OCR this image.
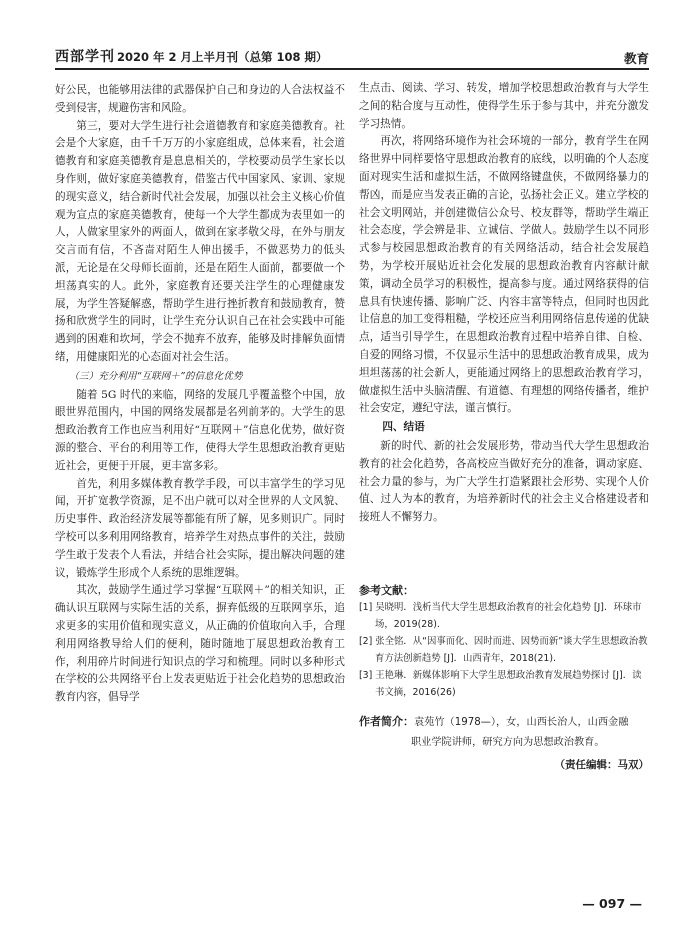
西部学刊 2020 年 2 月上半月刊（总第 108 期）	教育

好公民，也能够用法律的武器保护自己和身边的人合法权益不受到侵害，规避伤害和风险。

第三，要对大学生进行社会道德教育和家庭美德教育。社会是个大家庭，由千千万万的小家庭组成，总体来看，社会道德教育和家庭美德教育是息息相关的，学校要动员学生家长以身作则，做好家庭美德教育，借鉴古代中国家风、家训、家规的现实意义，结合新时代社会发展，加强以社会主义核心价值观为宣点的家庭美德教育，使每一个大学生都成为表里如一的人，人做家里家外的两面人，做到在家孝敬父母，在外与朋友交言而有信，不吝啬对陌生人伸出援手，不做恶势力的低头派，无论是在父母师长面前，还是在陌生人面前，都要做一个坦荡真实的人。此外，家庭教育还要关注学生的心理健康发展，为学生答疑解惑，帮助学生进行挫折教育和鼓励教育，赞扬和欣赏学生的同时，让学生充分认识自己在社会实践中可能遇到的困难和坎坷，学会不抛弃不放弃，能够及时排解负面情绪，用健康阳光的心态面对社会生活。

（三）充分利用“互联网＋”的信息化优势

随着 5G 时代的来临，网络的发展几乎覆盖整个中国，放眼世界范围内，中国的网络发展都是名列前茅的。大学生的思想政治教育工作也应当利用好“互联网＋”信息化优势，做好资源的整合、平台的利用等工作，使得大学生思想政治教育更贴近社会，更便于开展，更丰富多彩。

首先，利用多媒体教育教学手段，可以丰富学生的学习见闻，开扩宽教学资源，足不出户就可以对全世界的人文风貌、历史事件、政治经济发展等都能有所了解，见多则识广。同时学校可以多利用网络教育，培养学生对热点事件的关注，鼓励学生敢于发表个人看法，并结合社会实际，提出解决问题的建议，锻炼学生形成个人系统的思维逻辑。

其次，鼓励学生通过学习掌握“互联网＋”的相关知识，正确认识互联网与实际生活的关系，摒弃低级的互联网享乐，追求更多的实用价值和现实意义，从正确的价值取向入手，合理利用网络教导给人们的便利，随时随地丁展思想政治教育工作，利用碎片时间进行知识点的学习和梳理。同时以多种形式在学校的公共网络平台上发表更贴近于社会化趋势的思想政治教育内容，倡导学

生点击、阅读、学习、转发，增加学校思想政治教育与大学生之间的粘合度与互动性，使得学生乐于参与其中，并充分激发学习热情。

再次，将网络环境作为社会环境的一部分，教育学生在网络世界中同样要恪守思想政治教育的底线，以明确的个人态度面对现实生活和虚拟生活，不做网络键盘侠，不做网络暴力的帮凶，而是应当发表正确的言论，弘扬社会正义。建立学校的社会文明网站，并创建微信公众号、校友群等，帮助学生端正社会态度，学会辨是非、立诚信、学做人。鼓励学生以不同形式参与校园思想政治教育的有关网络活动，结合社会发展趋势，为学校开展贴近社会化发展的思想政治教育内容献计献策，调动全员学习的积极性，提高参与度。通过网络获得的信息具有快速传播、影响广泛、内容丰富等特点，但同时也因此让信息的加工变得粗糙，学校还应当利用网络信息传递的优缺点，适当引导学生，在思想政治教育过程中培养自律、自检、自爱的网络习惯，不仅显示生活中的思想政治教育成果，成为坦坦荡荡的社会新人，更能通过网络上的思想政治教育学习，做虚拟生活中头脑清醒、有道德、有理想的网络传播者，维护社会安定，遵纪守法，谨言慎行。

四、结语

新的时代、新的社会发展形势，带动当代大学生思想政治教育的社会化趋势，各高校应当做好充分的准备，调动家庭、社会力量的参与，为广大学生打造紧跟社会形势、实现个人价值、过人为本的教育，为培养新时代的社会主义合格建设者和接班人不懈努力。

参考文献：
[1] 吴晓明．浅析当代大学生思想政治教育的社会化趋势 [J]．环球市场，2019(28).
[2] 张全铭．从“因事而化、因时而进、因势而新”谈大学生思想政治教育方法创新趋势 [J]．山西青年，2018(21).
[3] 王艳琳．新媒体影响下大学生思想政治教育发展趋势探讨 [J]．读书文摘，2016(26)
作者简介：袁苑竹（1978—），女，山西长治人，山西金融
职业学院讲师，研究方向为思想政治教育。
（责任编辑：马双）
— 097 —
